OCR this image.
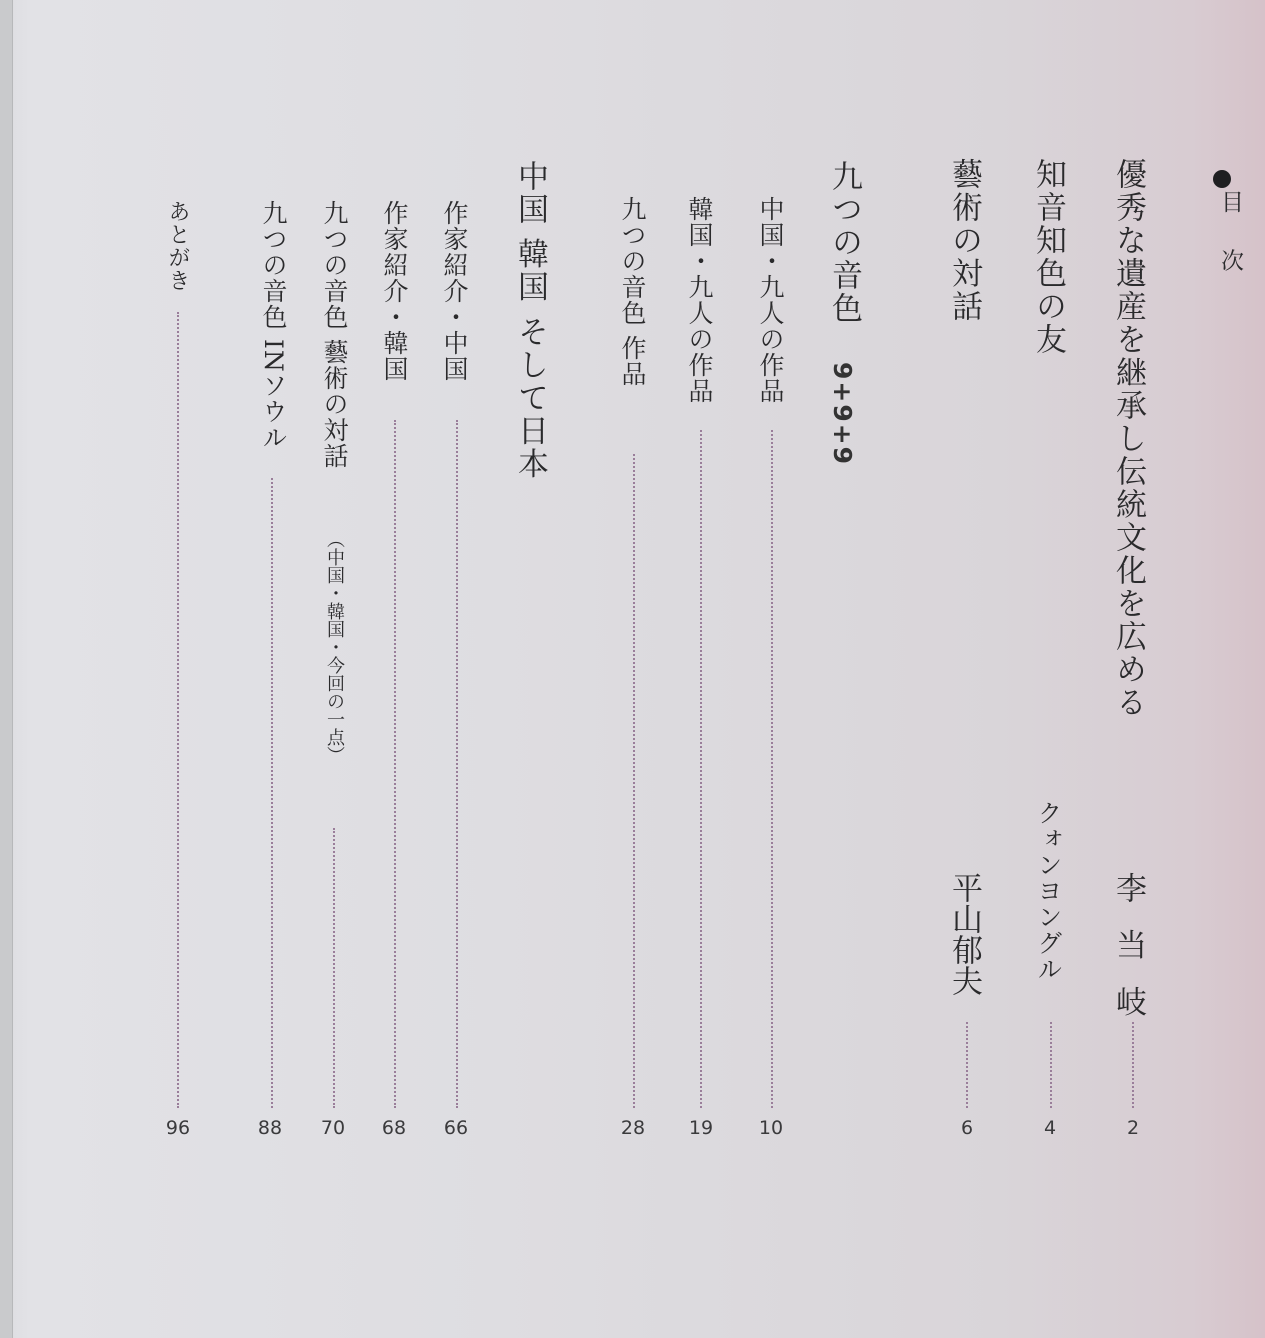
目 次
優秀な遺産を継承し伝統文化を広める
李 当 岐
2
知音知色の友
クォンヨングル
4
藝術の対話
平山郁夫
6
九つの音色
9+9+9
中国・九人の作品
10
韓国・九人の作品
19
九つの音色 作品
28
中国 韓国 そして日本
作家紹介・中国
66
作家紹介・韓国
68
九つの音色 藝術の対話
（中国・韓国・今回の一点）
70
九つの音色 INソウル
88
あとがき
96
